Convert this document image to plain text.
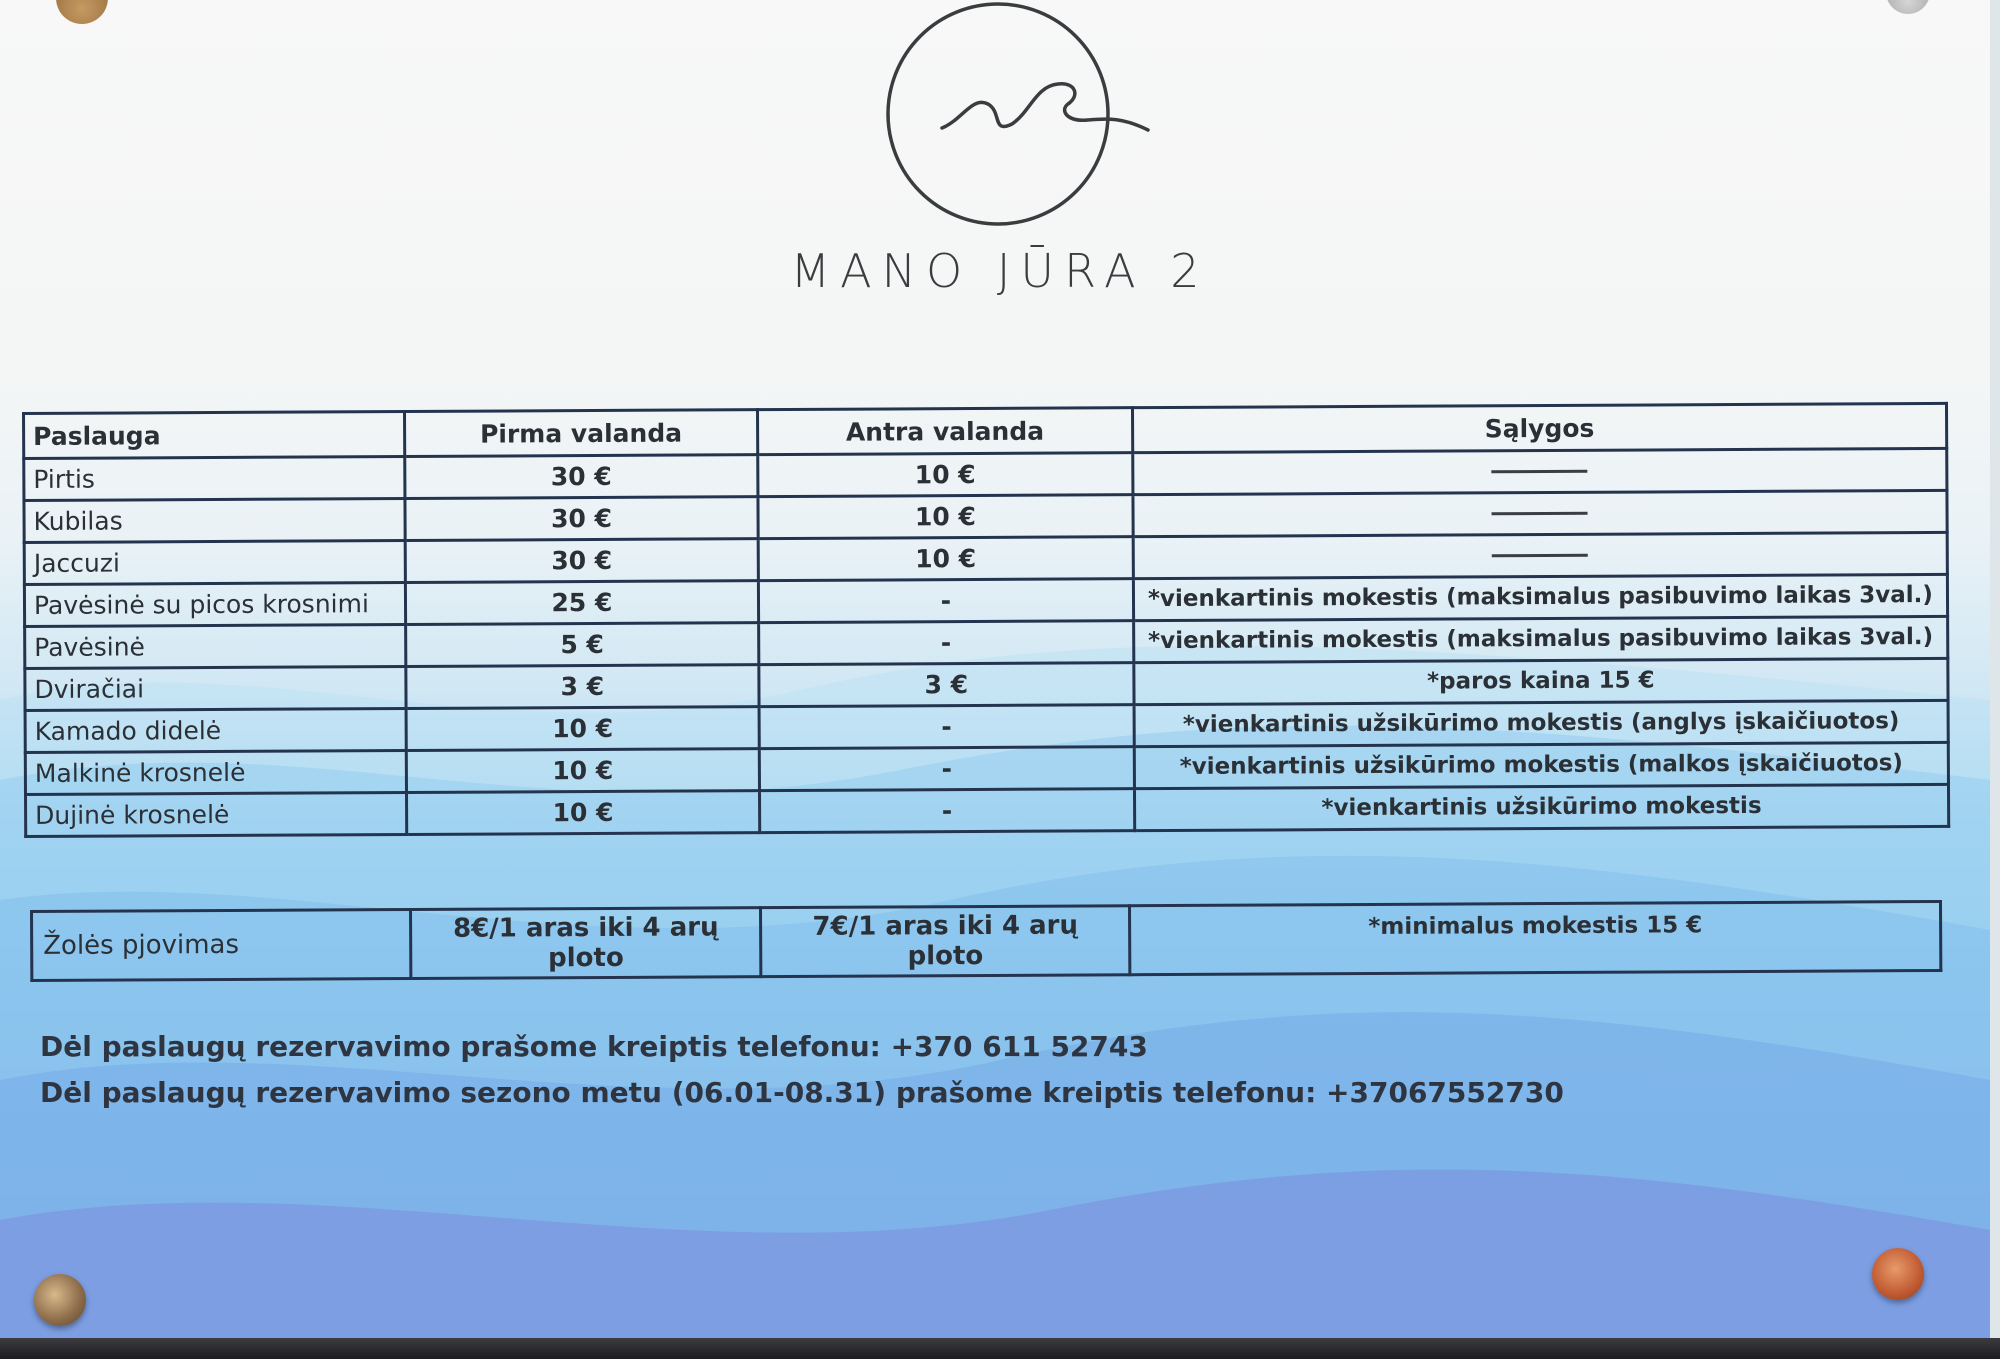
MANO JŪRA 2
Paslauga	Pirma valanda	Antra valanda	Sąlygos
Pirtis	30 €	10 €	
Kubilas	30 €	10 €	
Jaccuzi	30 €	10 €	
Pavėsinė su picos krosnimi	25 €	-	*vienkartinis mokestis (maksimalus pasibuvimo laikas 3val.)
Pavėsinė	5 €	-	*vienkartinis mokestis (maksimalus pasibuvimo laikas 3val.)
Dviračiai	3 €	3 €	*paros kaina 15 €
Kamado didelė	10 €	-	*vienkartinis užsikūrimo mokestis (anglys įskaičiuotos)
Malkinė krosnelė	10 €	-	*vienkartinis užsikūrimo mokestis (malkos įskaičiuotos)
Dujinė krosnelė	10 €	-	*vienkartinis užsikūrimo mokestis
Žolės pjovimas	8€/1 aras iki 4 arų ploto	7€/1 aras iki 4 arų ploto	*minimalus mokestis 15 €
Dėl paslaugų rezervavimo prašome kreiptis telefonu: +370 611 52743
Dėl paslaugų rezervavimo sezono metu (06.01-08.31) prašome kreiptis telefonu: +37067552730
